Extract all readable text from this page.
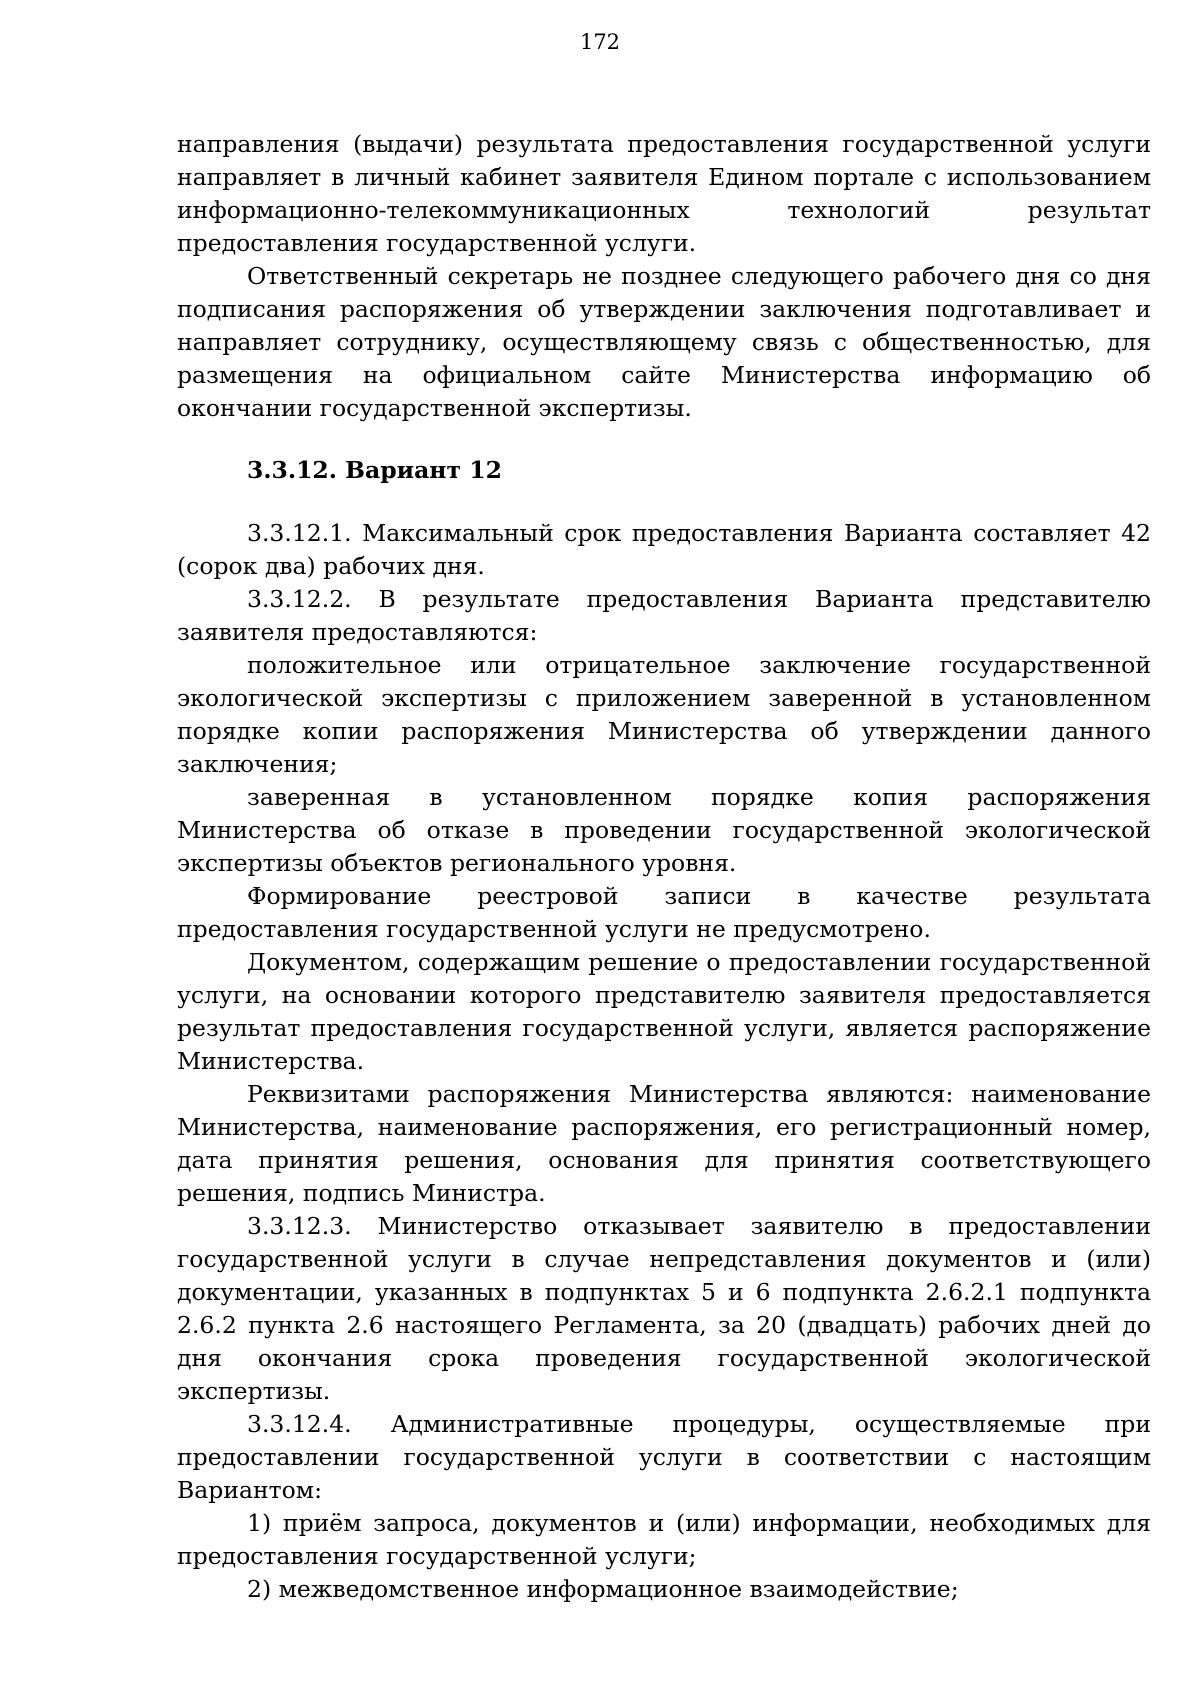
172

направления (выдачи) результата предоставления государственной услуги направляет в личный кабинет заявителя Едином портале с использованием информационно-телекоммуникационных технологий результат предоставления государственной услуги.

Ответственный секретарь не позднее следующего рабочего дня со дня подписания распоряжения об утверждении заключения подготавливает и направляет сотруднику, осуществляющему связь с общественностью, для размещения на официальном сайте Министерства информацию об окончании государственной экспертизы.

3.3.12. Вариант 12

3.3.12.1. Максимальный срок предоставления Варианта составляет 42 (сорок два) рабочих дня.

3.3.12.2. В результате предоставления Варианта представителю заявителя предоставляются:

положительное или отрицательное заключение государственной экологической экспертизы с приложением заверенной в установленном порядке копии распоряжения Министерства об утверждении данного заключения;

заверенная в установленном порядке копия распоряжения Министерства об отказе в проведении государственной экологической экспертизы объектов регионального уровня.

Формирование реестровой записи в качестве результата предоставления государственной услуги не предусмотрено.

Документом, содержащим решение о предоставлении государственной услуги, на основании которого представителю заявителя предоставляется результат предоставления государственной услуги, является распоряжение Министерства.

Реквизитами распоряжения Министерства являются: наименование Министерства, наименование распоряжения, его регистрационный номер, дата принятия решения, основания для принятия соответствующего решения, подпись Министра.

3.3.12.3. Министерство отказывает заявителю в предоставлении государственной услуги в случае непредставления документов и (или) документации, указанных в подпунктах 5 и 6 подпункта 2.6.2.1 подпункта 2.6.2 пункта 2.6 настоящего Регламента, за 20 (двадцать) рабочих дней до дня окончания срока проведения государственной экологической экспертизы.

3.3.12.4. Административные процедуры, осуществляемые при предоставлении государственной услуги в соответствии с настоящим Вариантом:

1) приём запроса, документов и (или) информации, необходимых для предоставления государственной услуги;

2) межведомственное информационное взаимодействие;
